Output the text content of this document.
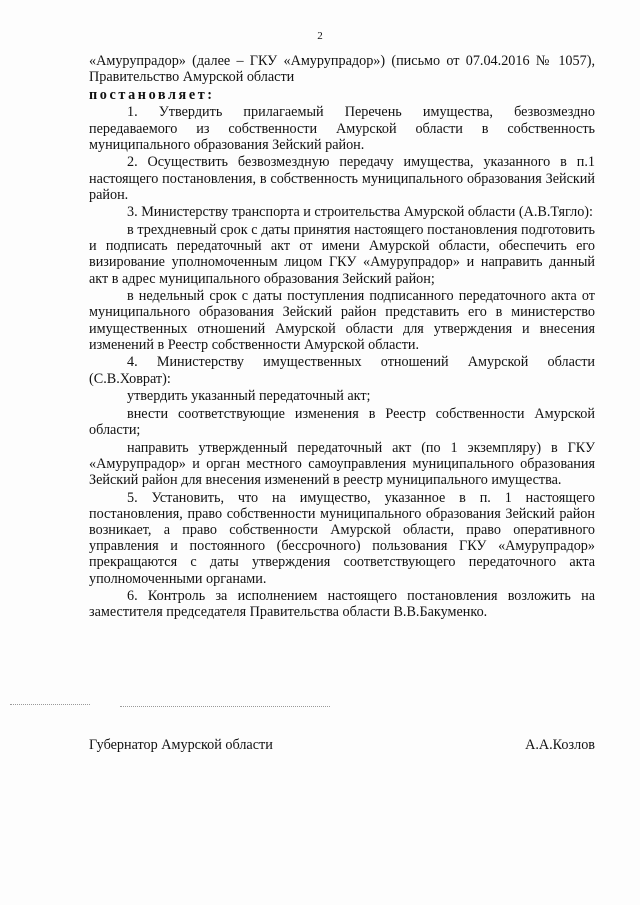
2

«Амурупрадор» (далее – ГКУ «Амурупрадор») (письмо от 07.04.2016 № 1057), Правительство Амурской области

постановляет:

1. Утвердить прилагаемый Перечень имущества, безвозмездно передаваемого из собственности Амурской области в собственность муниципального образования Зейский район.

2. Осуществить безвозмездную передачу имущества, указанного в п.1 настоящего постановления, в собственность муниципального образования Зейский район.

3. Министерству транспорта и строительства Амурской области (А.В.Тягло):

в трехдневный срок с даты принятия настоящего постановления подготовить и подписать передаточный акт от имени Амурской области, обеспечить его визирование уполномоченным лицом ГКУ «Амурупрадор» и направить данный акт в адрес муниципального образования Зейский район;

в недельный срок с даты поступления подписанного передаточного акта от муниципального образования Зейский район представить его в министерство имущественных отношений Амурской области для утверждения и внесения изменений в Реестр собственности Амурской области.

4. Министерству имущественных отношений Амурской области (С.В.Ховрат):

утвердить указанный передаточный акт;

внести соответствующие изменения в Реестр собственности Амурской области;

направить утвержденный передаточный акт (по 1 экземпляру) в ГКУ «Амурупрадор» и орган местного самоуправления муниципального образования Зейский район для внесения изменений в реестр муниципального имущества.

5. Установить, что на имущество, указанное в п. 1 настоящего постановления, право собственности муниципального образования Зейский район возникает, а право собственности Амурской области, право оперативного управления и постоянного (бессрочного) пользования ГКУ «Амурупрадор» прекращаются с даты утверждения соответствующего передаточного акта уполномоченными органами.

6. Контроль за исполнением настоящего постановления возложить на заместителя председателя Правительства области В.В.Бакуменко.

Губернатор Амурской области	А.А.Козлов
